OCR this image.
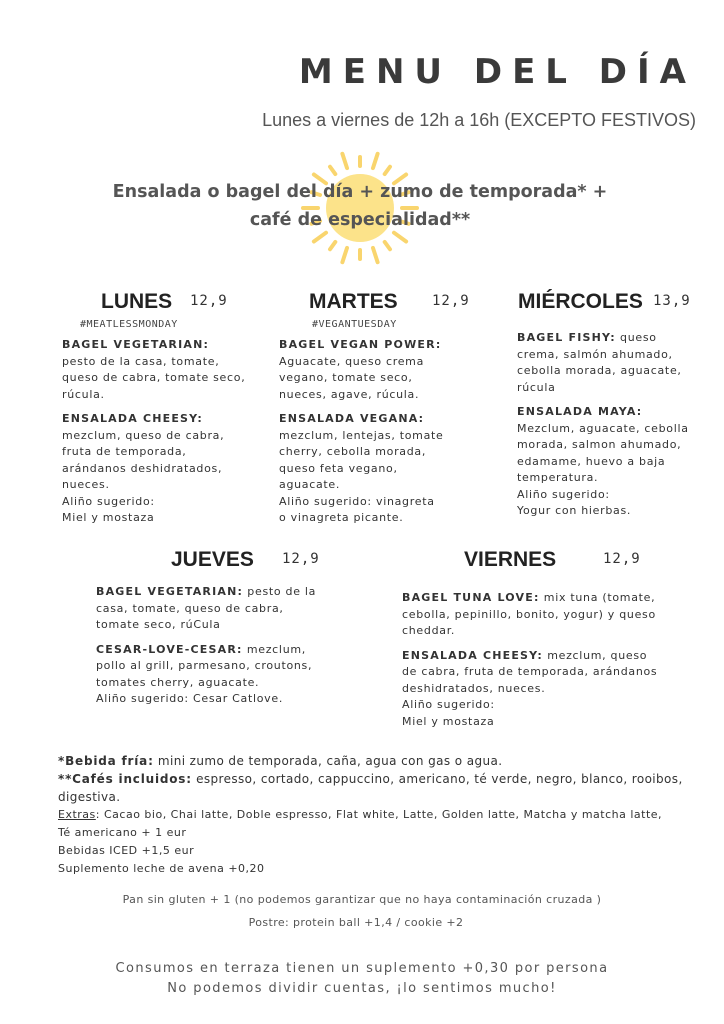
MENU DEL DÍA
Lunes a viernes de 12h a 16h (EXCEPTO FESTIVOS)
Ensalada o bagel del día + zumo de temporada* +
café de especialidad**
LUNES 12,9
#MEATLESSMONDAY

BAGEL VEGETARIAN:
pesto de la casa, tomate, queso de cabra, tomate seco, rúcula.

ENSALADA CHEESY:
mezclum, queso de cabra, fruta de temporada, arándanos deshidratados, nueces.
Aliño sugerido:
Miel y mostaza

MARTES 12,9
#VEGANTUESDAY

BAGEL VEGAN POWER:
Aguacate, queso crema vegano, tomate seco, nueces, agave, rúcula.

ENSALADA VEGANA:
mezclum, lentejas, tomate cherry, cebolla morada, queso feta vegano, aguacate.
Aliño sugerido: vinagreta
o vinagreta picante.

MIÉRCOLES 13,9

BAGEL FISHY: queso crema, salmón ahumado, cebolla morada, aguacate, rúcula

ENSALADA MAYA:
Mezclum, aguacate, cebolla morada, salmon ahumado, edamame, huevo a baja temperatura.
Aliño sugerido:
Yogur con hierbas.

JUEVES 12,9

BAGEL VEGETARIAN: pesto de la casa, tomate, queso de cabra, tomate seco, rúCula

CESAR-LOVE-CESAR: mezclum, pollo al grill, parmesano, croutons, tomates cherry, aguacate.
Aliño sugerido: Cesar Catlove.

VIERNES	12,9

BAGEL TUNA LOVE: mix tuna (tomate, cebolla, pepinillo, bonito, yogur) y queso cheddar.

ENSALADA CHEESY: mezclum, queso de cabra, fruta de temporada, arándanos deshidratados, nueces.
Aliño sugerido:
Miel y mostaza

*Bebida fría: mini zumo de temporada, caña, agua con gas o agua.
**Cafés incluidos: espresso, cortado, cappuccino, americano, té verde, negro, blanco, rooibos, digestiva.
Extras: Cacao bio, Chai latte, Doble espresso, Flat white, Latte, Golden latte, Matcha y matcha latte,
Té americano + 1 eur
Bebidas ICED +1,5 eur
Suplemento leche de avena +0,20
Pan sin gluten + 1 (no podemos garantizar que no haya contaminación cruzada )
Postre: protein ball +1,4 / cookie +2
Consumos en terraza tienen un suplemento +0,30 por persona
No podemos dividir cuentas, ¡lo sentimos mucho!
